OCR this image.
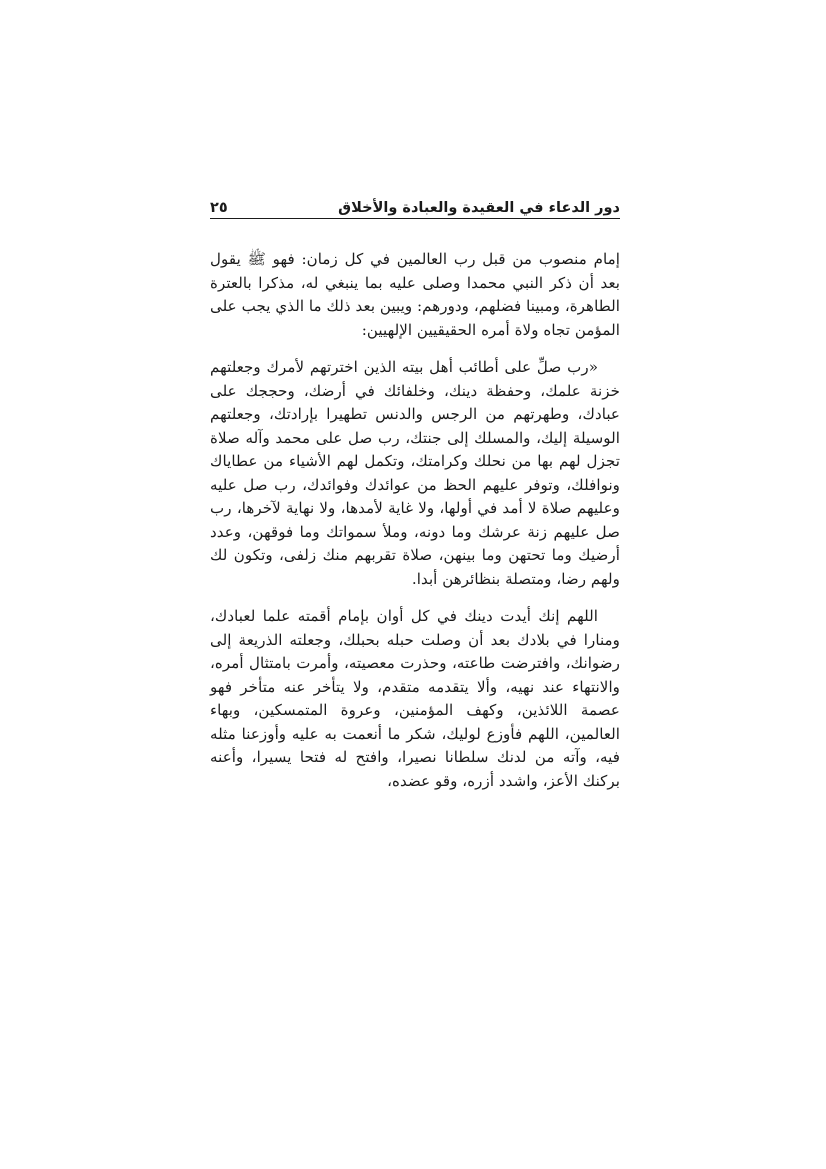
دور الدعاء في العقيدة والعبادة والأخلاق
٢٥

إمام منصوب من قبل رب العالمين في كل زمان: فهو ﷺ يقول بعد أن ذكر النبي محمدا وصلى عليه بما ينبغي له، مذكرا بالعترة الطاهرة، ومبينا فضلهم، ودورهم: ويبين بعد ذلك ما الذي يجب على المؤمن تجاه ولاة أمره الحقيقيين الإلهيين:

«رب صلِّ على أطائب أهل بيته الذين اخترتهم لأمرك وجعلتهم خزنة علمك، وحفظة دينك، وخلفائك في أرضك، وحججك على عبادك، وطهرتهم من الرجس والدنس تطهيرا بإرادتك، وجعلتهم الوسيلة إليك، والمسلك إلى جنتك، رب صل على محمد وآله صلاة تجزل لهم بها من نحلك وكرامتك، وتكمل لهم الأشياء من عطاياك ونوافلك، وتوفر عليهم الحظ من عوائدك وفوائدك، رب صل عليه وعليهم صلاة لا أمد في أولها، ولا غاية لأمدها، ولا نهاية لآخرها، رب صل عليهم زنة عرشك وما دونه، وملأ سمواتك وما فوقهن، وعدد أرضيك وما تحتهن وما بينهن، صلاة تقربهم منك زلفى، وتكون لك ولهم رضا، ومتصلة بنظائرهن أبدا.

اللهم إنك أيدت دينك في كل أوان بإمام أقمته علما لعبادك، ومنارا في بلادك بعد أن وصلت حبله بحبلك، وجعلته الذريعة إلى رضوانك، وافترضت طاعته، وحذرت معصيته، وأمرت بامتثال أمره، والانتهاء عند نهيه، وألا يتقدمه متقدم، ولا يتأخر عنه متأخر فهو عصمة اللائذين، وكهف المؤمنين، وعروة المتمسكين، وبهاء العالمين، اللهم فأوزع لوليك، شكر ما أنعمت به عليه وأوزعنا مثله فيه، وآته من لدنك سلطانا نصيرا، وافتح له فتحا يسيرا، وأعنه بركنك الأعز، واشدد أزره، وقو عضده،
